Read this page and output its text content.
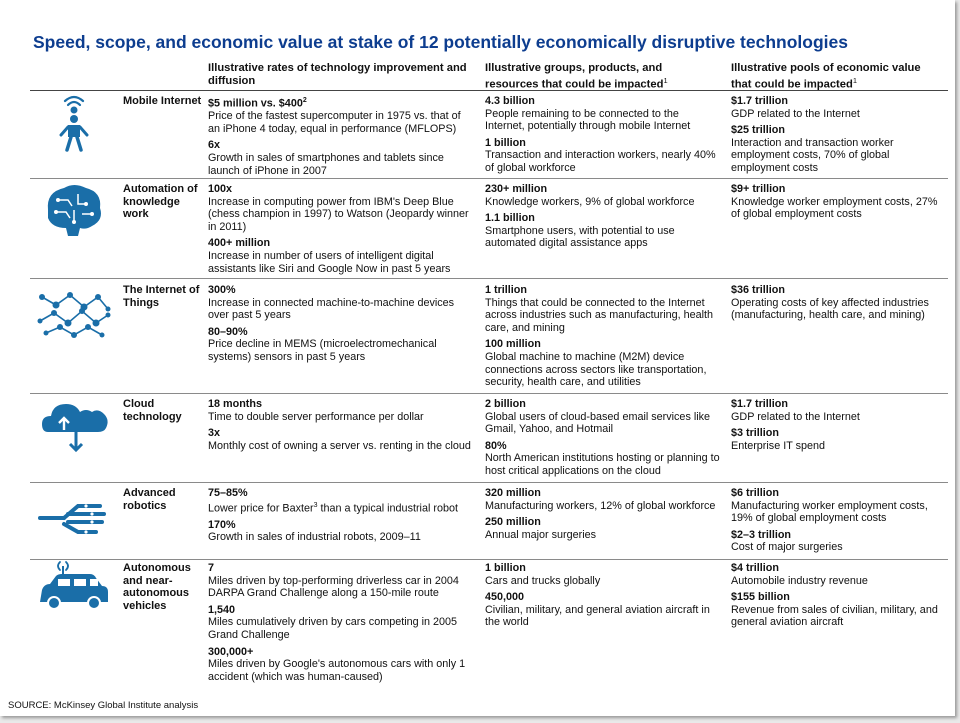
Speed, scope, and economic value at stake of 12 potentially economically disruptive technologies
Illustrative rates of technology improvement and diffusion
Illustrative groups, products, and resources that could be impacted$^1$
Illustrative pools of economic value that could be impacted$^1$
Mobile Internet $5 million vs. $\$400^2$
Price of the fastest supercomputer in 1975 vs. that of an iPhone 4 today, equal in performance (MFLOPS)
6x
Growth in sales of smartphones and tablets since launch of iPhone in 2007
4.3 billion
People remaining to be connected to the Internet, potentially through mobile Internet
1 billion
Transaction and interaction workers, nearly 40% of global workforce
$1.7 trillion
GDP related to the Internet
$25 trillion
Interaction and transaction worker employment costs, 70% of global employment costs
Automation of knowledge work
100x
Increase in computing power from IBM's Deep Blue (chess champion in 1997) to Watson (Jeopardy winner in 2011)
400+ million
Increase in number of users of intelligent digital assistants like Siri and Google Now in past 5 years
230+ million
Knowledge workers, 9% of global workforce
1.1 billion
Smartphone users, with potential to use automated digital assistance apps
$9+ trillion
Knowledge worker employment costs, 27% of global employment costs
The Internet of Things
300%
Increase in connected machine-to-machine devices over past 5 years
80–90%
Price decline in MEMS (microelectromechanical systems) sensors in past 5 years
1 trillion
Things that could be connected to the Internet across industries such as manufacturing, health care, and mining
100 million
Global machine to machine (M2M) device connections across sectors like transportation, security, health care, and utilities
$36 trillion
Operating costs of key affected industries (manufacturing, health care, and mining)
Cloud technology
18 months
Time to double server performance per dollar
3x
Monthly cost of owning a server vs. renting in the cloud
2 billion
Global users of cloud-based email services like Gmail, Yahoo, and Hotmail
80%
North American institutions hosting or planning to host critical applications on the cloud
$1.7 trillion
GDP related to the Internet
$3 trillion
Enterprise IT spend
Advanced robotics
75–85%
Lower price for Baxter$^3$ than a typical industrial robot
170%
Growth in sales of industrial robots, 2009–11
320 million
Manufacturing workers, 12% of global workforce
250 million
Annual major surgeries
$6 trillion
Manufacturing worker employment costs, 19% of global employment costs
$2–3 trillion
Cost of major surgeries
Autonomous and near-autonomous vehicles
7
Miles driven by top-performing driverless car in 2004 DARPA Grand Challenge along a 150-mile route
1,540
Miles cumulatively driven by cars competing in 2005 Grand Challenge
300,000+
Miles driven by Google's autonomous cars with only 1 accident (which was human-caused)
1 billion
Cars and trucks globally
450,000
Civilian, military, and general aviation aircraft in the world
$4 trillion
Automobile industry revenue
$155 billion
Revenue from sales of civilian, military, and general aviation aircraft
SOURCE: McKinsey Global Institute analysis
